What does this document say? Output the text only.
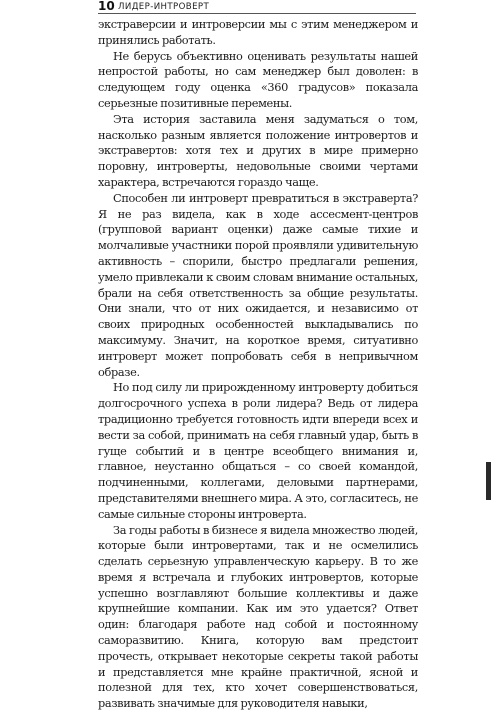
10 ЛИДЕР-ИНТРОВЕРТ

экстраверсии и интроверсии мы с этим менеджером и принялись работать.

Не берусь объективно оценивать результаты нашей непростой работы, но сам менеджер был доволен: в следующем году оценка «360 градусов» показала серьезные позитивные перемены.

Эта история заставила меня задуматься о том, насколько разным является положение интровертов и экстравертов: хотя тех и других в мире примерно поровну, интроверты, недовольные своими чертами характера, встречаются гораздо чаще.

Способен ли интроверт превратиться в экстраверта? Я не раз видела, как в ходе ассесмент-центров (групповой вариант оценки) даже самые тихие и молчаливые участники порой проявляли удивительную активность – спорили, быстро предлагали решения, умело привлекали к своим словам внимание остальных, брали на себя ответственность за общие результаты. Они знали, что от них ожидается, и независимо от своих природных особенностей выкладывались по максимуму. Значит, на короткое время, ситуативно интроверт может попробовать себя в непривычном образе.

Но под силу ли прирожденному интроверту добиться долгосрочного успеха в роли лидера? Ведь от лидера традиционно требуется готовность идти впереди всех и вести за собой, принимать на себя главный удар, быть в гуще событий и в центре всеобщего внимания и, главное, неустанно общаться – со своей командой, подчиненными, коллегами, деловыми партнерами, представителями внешнего мира. А это, согласитесь, не самые сильные стороны интроверта.

За годы работы в бизнесе я видела множество людей, которые были интровертами, так и не осмелились сделать серьезную управленческую карьеру. В то же время я встречала и глубоких интровертов, которые успешно возглавляют большие коллективы и даже крупнейшие компании. Как им это удается? Ответ один: благодаря работе над собой и постоянному саморазвитию. Книга, которую вам предстоит прочесть, открывает некоторые секреты такой работы и представляется мне крайне практичной, ясной и полезной для тех, кто хочет совершенствоваться, развивать значимые для руководителя навыки,
